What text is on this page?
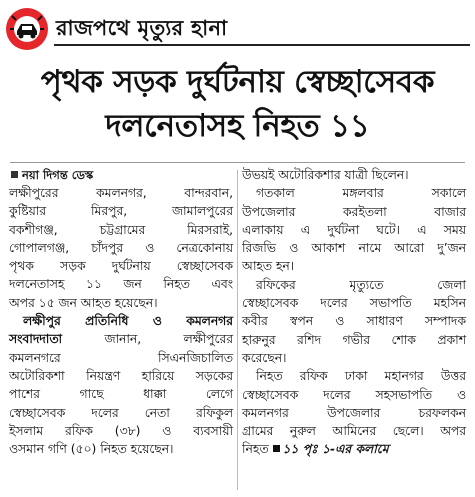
রাজপথে মৃত্যুর হানা
পৃথক সড়ক দুর্ঘটনায় স্বেচ্ছাসেবক
দলনেতাসহ নিহত ১১
নয়া দিগন্ত ডেস্ক
লক্ষীপুরের কমলনগর, বান্দরবান,
কুষ্টিয়ার মিরপুর, জামালপুরের
বকশীগঞ্জ, চট্টগ্রামের মিরসরাই,
গোপালগঞ্জ, চাঁদপুর ও নেত্রকোনায়
পৃথক সড়ক দুর্ঘটনায় স্বেচ্ছাসেবক
দলনেতাসহ ১১ জন নিহত এবং
অপর ১৫ জন আহত হয়েছেন।
লক্ষীপুর প্রতিনিধি ও কমলনগর
সংবাদদাতা জানান, লক্ষীপুরের
কমলনগরে সিএনজিচালিত
অটোরিকশা নিয়ন্ত্রণ হারিয়ে সড়কের
পাশের গাছে ধাক্কা লেগে
স্বেচ্ছাসেবক দলের নেতা রফিকুল
ইসলাম রফিক (৩৮) ও ব্যবসায়ী
ওসমান গণি (৫০) নিহত হয়েছেন।
উভয়ই অটোরিকশার যাত্রী ছিলেন।
গতকাল মঙ্গলবার সকালে
উপজেলার করইতলা বাজার
এলাকায় এ দুর্ঘটনা ঘটে। এ সময়
রিজভি ও আকাশ নামে আরো দু’জন
আহত হন।
রফিকের মৃত্যুতে জেলা
স্বেচ্ছাসেবক দলের সভাপতি মহসিন
কবীর স্বপন ও সাধারণ সম্পাদক
হারুনুর রশিদ গভীর শোক প্রকাশ
করেছেন।
নিহত রফিক ঢাকা মহানগর উত্তর
স্বেচ্ছাসেবক দলের সহসভাপতি ও
কমলনগর উপজেলার চরফলকন
গ্রামের নুরুল আমিনের ছেলে। অপর
নিহত ১১ পৃঃ ১-এর কলামে
